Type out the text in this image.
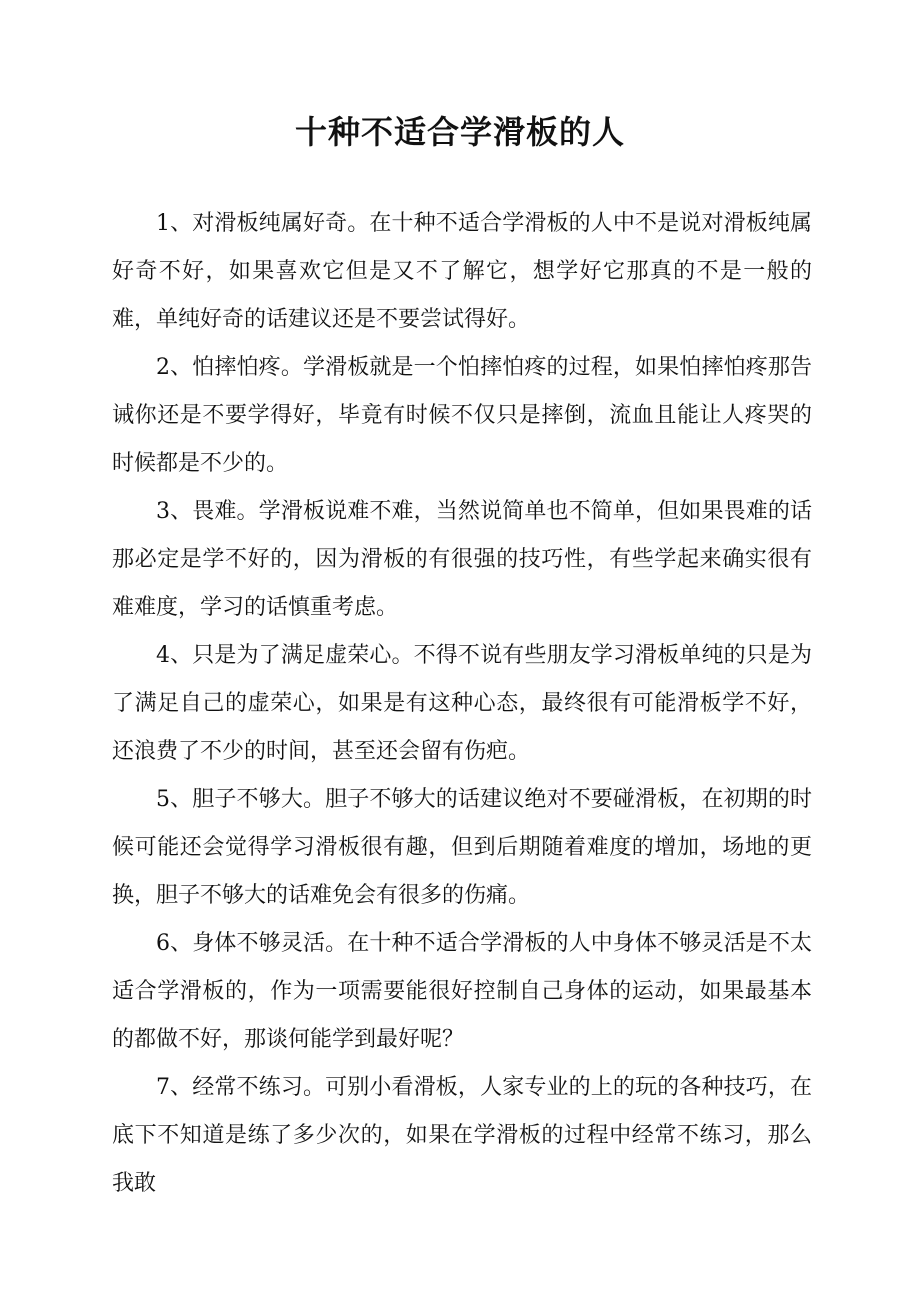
十种不适合学滑板的人

1、对滑板纯属好奇。在十种不适合学滑板的人中不是说对滑板纯属好奇不好，如果喜欢它但是又不了解它，想学好它那真的不是一般的难，单纯好奇的话建议还是不要尝试得好。

2、怕摔怕疼。学滑板就是一个怕摔怕疼的过程，如果怕摔怕疼那告诫你还是不要学得好，毕竟有时候不仅只是摔倒，流血且能让人疼哭的时候都是不少的。

3、畏难。学滑板说难不难，当然说简单也不简单，但如果畏难的话那必定是学不好的，因为滑板的有很强的技巧性，有些学起来确实很有难难度，学习的话慎重考虑。

4、只是为了满足虚荣心。不得不说有些朋友学习滑板单纯的只是为了满足自己的虚荣心，如果是有这种心态，最终很有可能滑板学不好，还浪费了不少的时间，甚至还会留有伤疤。

5、胆子不够大。胆子不够大的话建议绝对不要碰滑板，在初期的时候可能还会觉得学习滑板很有趣，但到后期随着难度的增加，场地的更换，胆子不够大的话难免会有很多的伤痛。

6、身体不够灵活。在十种不适合学滑板的人中身体不够灵活是不太适合学滑板的，作为一项需要能很好控制自己身体的运动，如果最基本的都做不好，那谈何能学到最好呢？

7、经常不练习。可别小看滑板，人家专业的上的玩的各种技巧，在底下不知道是练了多少次的，如果在学滑板的过程中经常不练习，那么我敢
